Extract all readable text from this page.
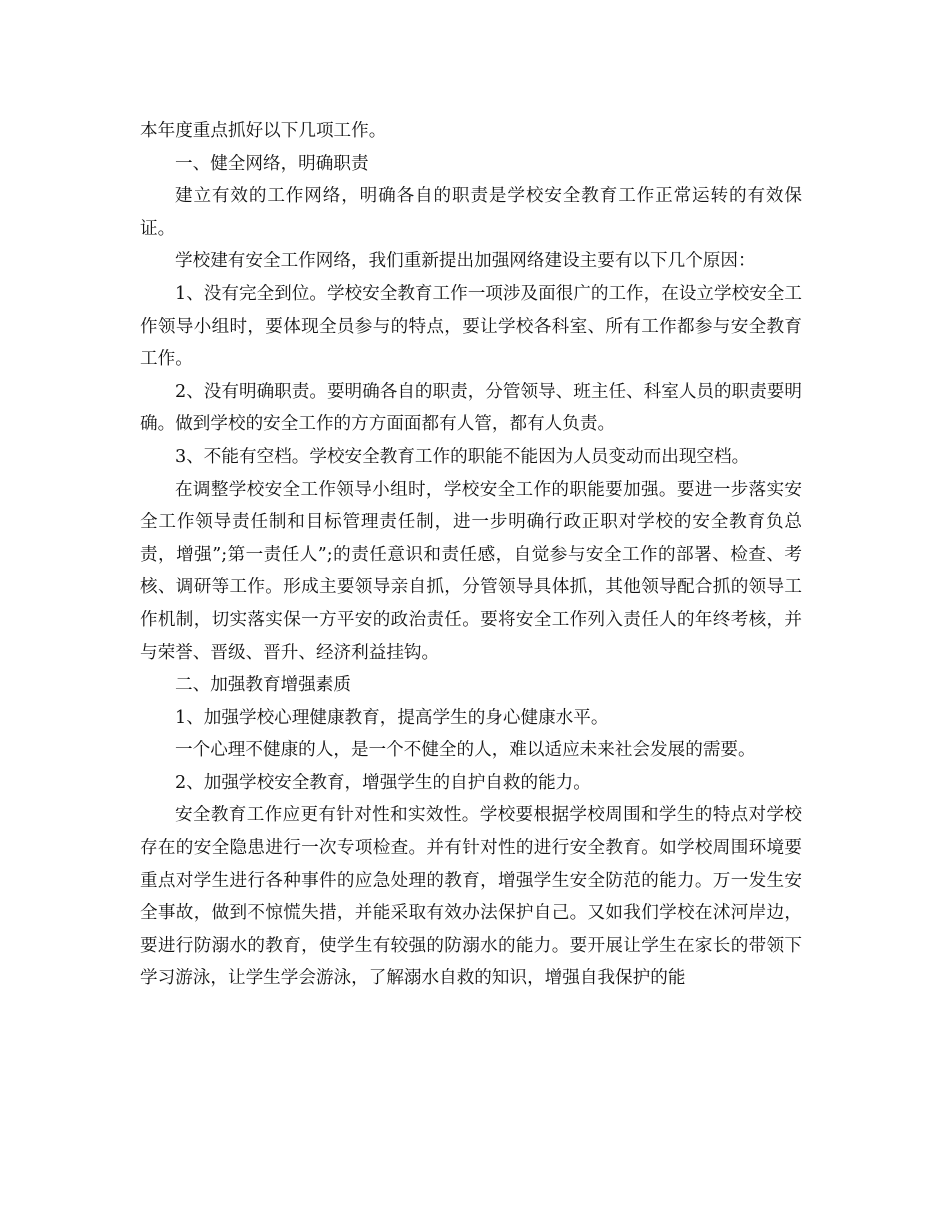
本年度重点抓好以下几项工作。

一、健全网络，明确职责

建立有效的工作网络，明确各自的职责是学校安全教育工作正常运转的有效保证。

学校建有安全工作网络，我们重新提出加强网络建设主要有以下几个原因：

1、没有完全到位。学校安全教育工作一项涉及面很广的工作，在设立学校安全工作领导小组时，要体现全员参与的特点，要让学校各科室、所有工作都参与安全教育工作。

2、没有明确职责。要明确各自的职责，分管领导、班主任、科室人员的职责要明确。做到学校的安全工作的方方面面都有人管，都有人负责。

3、不能有空档。学校安全教育工作的职能不能因为人员变动而出现空档。

在调整学校安全工作领导小组时，学校安全工作的职能要加强。要进一步落实安全工作领导责任制和目标管理责任制，进一步明确行政正职对学校的安全教育负总责，增强”;第一责任人”;的责任意识和责任感，自觉参与安全工作的部署、检查、考核、调研等工作。形成主要领导亲自抓，分管领导具体抓，其他领导配合抓的领导工作机制，切实落实保一方平安的政治责任。要将安全工作列入责任人的年终考核，并与荣誉、晋级、晋升、经济利益挂钩。

二、加强教育增强素质

1、加强学校心理健康教育，提高学生的身心健康水平。

一个心理不健康的人，是一个不健全的人，难以适应未来社会发展的需要。

2、加强学校安全教育，增强学生的自护自救的能力。

安全教育工作应更有针对性和实效性。学校要根据学校周围和学生的特点对学校存在的安全隐患进行一次专项检查。并有针对性的进行安全教育。如学校周围环境要重点对学生进行各种事件的应急处理的教育，增强学生安全防范的能力。万一发生安全事故，做到不惊慌失措，并能采取有效办法保护自己。又如我们学校在沭河岸边，要进行防溺水的教育，使学生有较强的防溺水的能力。要开展让学生在家长的带领下学习游泳，让学生学会游泳，了解溺水自救的知识，增强自我保护的能
